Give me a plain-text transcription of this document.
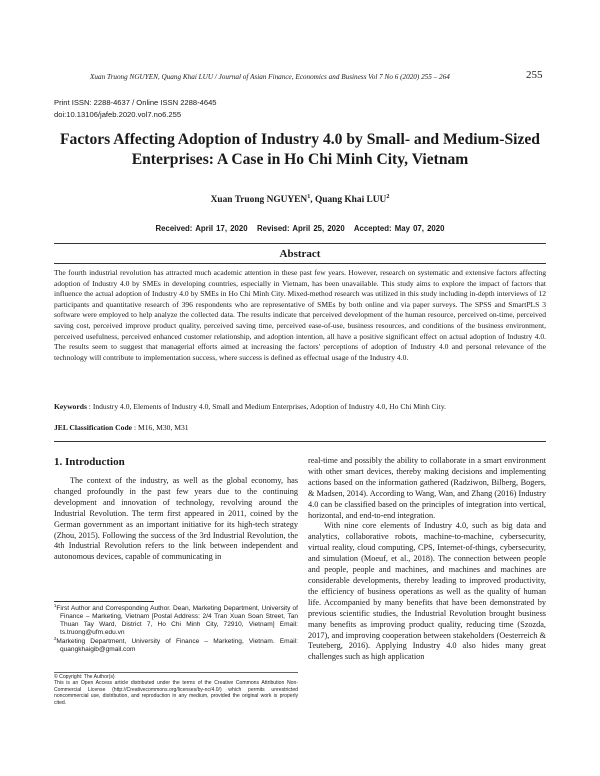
Xuan Truong NGUYEN, Quang Khai LUU / Journal of Asian Finance, Economics and Business Vol 7 No 6 (2020) 255 – 264	255
Print ISSN: 2288-4637 / Online ISSN 2288-4645
doi:10.13106/jafeb.2020.vol7.no6.255
Factors Affecting Adoption of Industry 4.0 by Small- and Medium-Sized
Enterprises: A Case in Ho Chi Minh City, Vietnam
Xuan Truong NGUYEN$^1$, Quang Khai LUU$^2$
Received: April 17, 2020   Revised: April 25, 2020   Accepted: May 07, 2020
Abstract
The fourth industrial revolution has attracted much academic attention in these past few years. However, research on systematic and extensive factors affecting adoption of Industry 4.0 by SMEs in developing countries, especially in Vietnam, has been unavailable. This study aims to explore the impact of factors that influence the actual adoption of Industry 4.0 by SMEs in Ho Chi Minh City. Mixed-method research was utilized in this study including in-depth interviews of 12 participants and quantitative research of 396 respondents who are representative of SMEs by both online and via paper surveys. The SPSS and SmartPLS 3 software were employed to help analyze the collected data. The results indicate that perceived development of the human resource, perceived on-time, perceived saving cost, perceived improve product quality, perceived saving time, perceived ease-of-use, business resources, and conditions of the business environment, perceived usefulness, perceived enhanced customer relationship, and adoption intention, all have a positive significant effect on actual adoption of Industry 4.0. The results seem to suggest that managerial efforts aimed at increasing the factors' perceptions of adoption of Industry 4.0 and personal relevance of the technology will contribute to implementation success, where success is defined as effectual usage of the Industry 4.0.
Keywords : Industry 4.0, Elements of Industry 4.0, Small and Medium Enterprises, Adoption of Industry 4.0, Ho Chi Minh City.
JEL Classification Code : M16, M30, M31
1. Introduction

The context of the industry, as well as the global economy, has changed profoundly in the past few years due to the continuing development and innovation of technology, revolving around the Industrial Revolution. The term first appeared in 2011, coined by the German government as an important initiative for its high-tech strategy (Zhou, 2015). Following the success of the 3rd Industrial Revolution, the 4th Industrial Revolution refers to the link between independent and autonomous devices, capable of communicating in

real-time and possibly the ability to collaborate in a smart environment with other smart devices, thereby making decisions and implementing actions based on the information gathered (Radziwon, Bilberg, Bogers, & Madsen, 2014). According to Wang, Wan, and Zhang (2016) Industry 4.0 can be classified based on the principles of integration into vertical, horizontal, and end-to-end integration.

With nine core elements of Industry 4.0, such as big data and analytics, collaborative robots, machine-to-machine, cybersecurity, virtual reality, cloud computing, CPS, Internet-of-things, cybersecurity, and simulation (Moeuf, et al., 2018). The connection between people and people, people and machines, and machines and machines are considerable developments, thereby leading to improved productivity, the efficiency of business operations as well as the quality of human life. Accompanied by many benefits that have been demonstrated by previous scientific studies, the Industrial Revolution brought business many benefits as improving product quality, reducing time (Szozda, 2017), and improving cooperation between stakeholders (Oesterreich & Teuteberg, 2016). Applying Industry 4.0 also hides many great challenges such as high application

$^1$First Author and Corresponding Author. Dean, Marketing Department, University of Finance – Marketing, Vietnam [Postal Address: 2/4 Tran Xuan Soan Street, Tan Thuan Tay Ward, District 7, Ho Chi Minh City, 72910, Vietnam] Email: ts.truong@ufm.edu.vn

$^2$Marketing Department, University of Finance – Marketing, Vietnam. Email: quangkhaigib@gmail.com

© Copyright: The Author(s)

This is an Open Access article distributed under the terms of the Creative Commons Attribution Non-Commercial License (http://Creativecommons.org/licenses/by-nc/4.0/) which permits unrestricted noncommercial use, distribution, and reproduction in any medium, provided the original work is properly cited.
